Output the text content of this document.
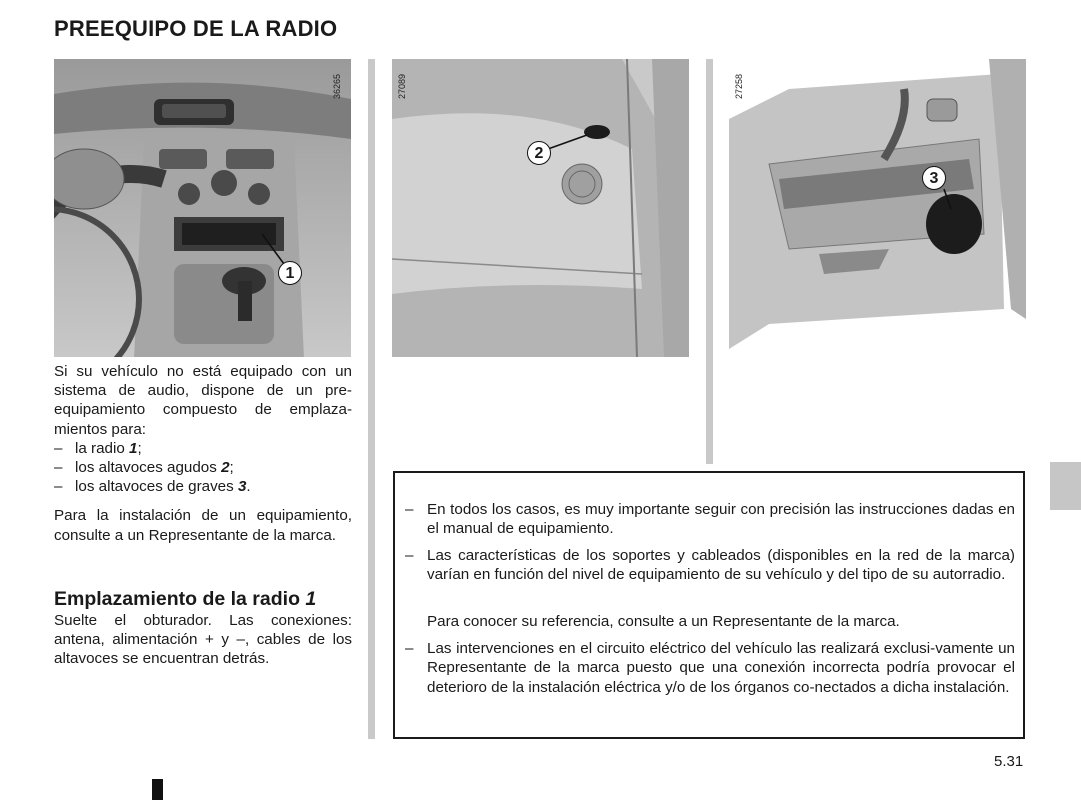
PREEQUIPO DE LA RADIO
36265
1
27089
2
27258
3

Si su vehículo no está equipado con un sistema de audio, dispone de un pre-equipamiento compuesto de emplaza-mientos para:

– la radio 1;
– los altavoces agudos 2;
– los altavoces de graves 3.

Para la instalación de un equipamiento, consulte a un Representante de la marca.

Emplazamiento de la radio 1
Suelte el obturador. Las conexiones: antena, alimentación + y –, cables de los altavoces se encuentran detrás.
– En todos los casos, es muy importante seguir con precisión las instrucciones dadas en el manual de equipamiento.
– Las características de los soportes y cableados (disponibles en la red de la marca) varían en función del nivel de equipamiento de su vehículo y del tipo de su autorradio.
Para conocer su referencia, consulte a un Representante de la marca.
– Las intervenciones en el circuito eléctrico del vehículo las realizará exclusi-vamente un Representante de la marca puesto que una conexión incorrecta podría provocar el deterioro de la instalación eléctrica y/o de los órganos co-nectados a dicha instalación.
5.31
